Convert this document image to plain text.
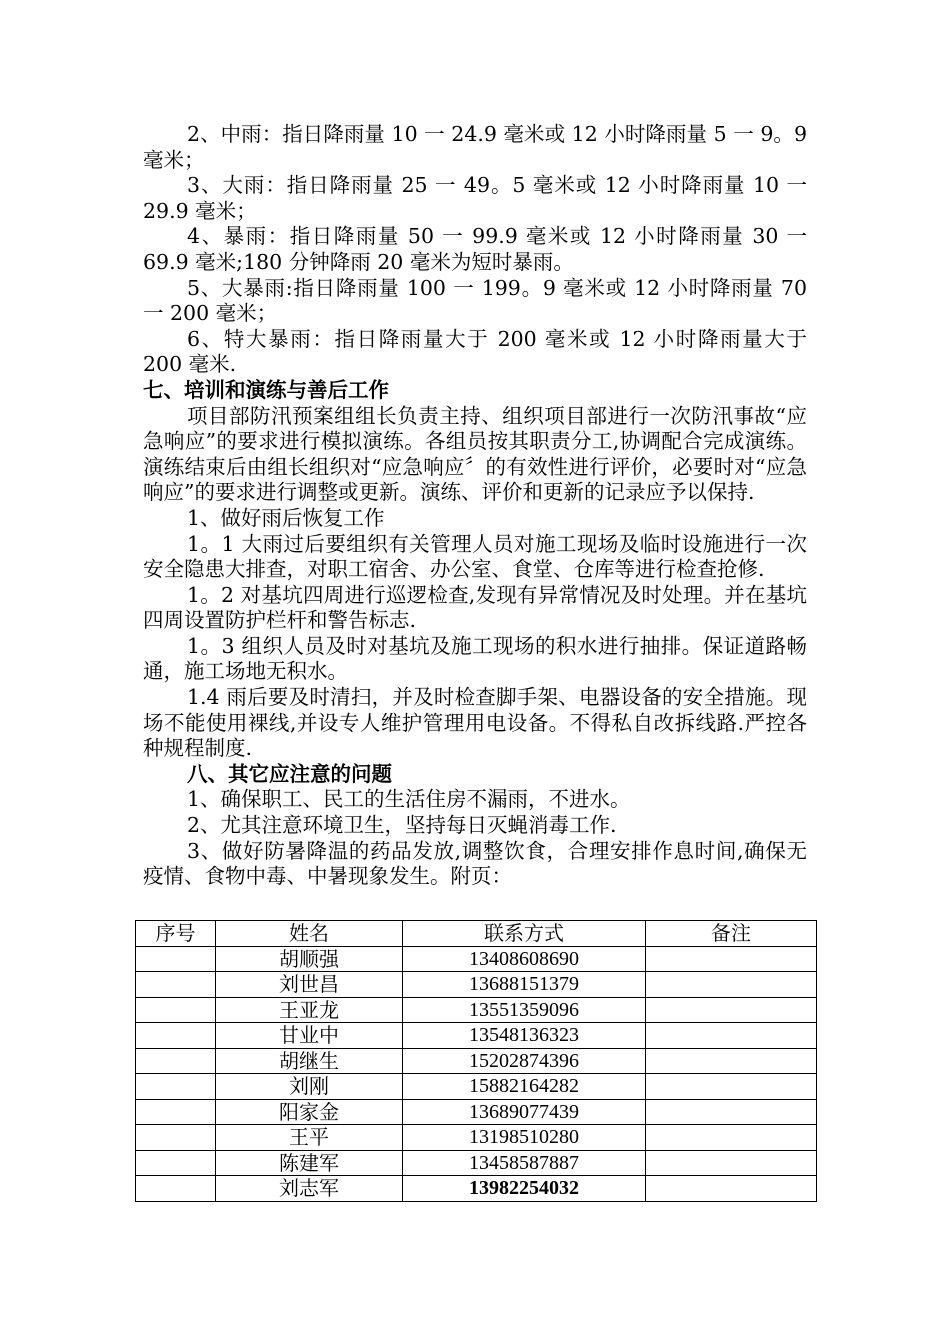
2、中雨：指日降雨量 10 一 24.9 毫米或 12 小时降雨量 5 一 9。9 毫米；

3、大雨：指日降雨量 25 一 49。5 毫米或 12 小时降雨量 10 一 29.9 毫米；

4、暴雨：指日降雨量 50 一 99.9 毫米或 12 小时降雨量 30 一 69.9 毫米;180 分钟降雨 20 毫米为短时暴雨。

5、大暴雨:指日降雨量 100 一 199。9 毫米或 12 小时降雨量 70 一 200 毫米；

6、特大暴雨：指日降雨量大于 200 毫米或 12 小时降雨量大于 200 毫米.

七、培训和演练与善后工作

项目部防汛预案组组长负责主持、组织项目部进行一次防汛事故“应急响应”的要求进行模拟演练。各组员按其职责分工,协调配合完成演练。演练结束后由组长组织对“应急响应〞的有效性进行评价，必要时对“应急响应”的要求进行调整或更新。演练、评价和更新的记录应予以保持.

1、做好雨后恢复工作

1。1 大雨过后要组织有关管理人员对施工现场及临时设施进行一次安全隐患大排查，对职工宿舍、办公室、食堂、仓库等进行检查抢修.

1。2 对基坑四周进行巡逻检查,发现有异常情况及时处理。并在基坑四周设置防护栏杆和警告标志.

1。3 组织人员及时对基坑及施工现场的积水进行抽排。保证道路畅通，施工场地无积水。

1.4 雨后要及时清扫，并及时检查脚手架、电器设备的安全措施。现场不能使用裸线,并设专人维护管理用电设备。不得私自改拆线路.严控各种规程制度.

八、其它应注意的问题

1、确保职工、民工的生活住房不漏雨，不进水。

2、尤其注意环境卫生，坚持每日灭蝇消毒工作.

3、做好防暑降温的药品发放,调整饮食，合理安排作息时间,确保无疫情、食物中毒、中暑现象发生。附页：

序号	姓名	联系方式	备注
	胡顺强	13408608690	
	刘世昌	13688151379	
	王亚龙	13551359096	
	甘业中	13548136323	
	胡继生	15202874396	
	刘刚	15882164282	
	阳家金	13689077439	
	王平	13198510280	
	陈建军	13458587887	
	刘志军	13982254032	
